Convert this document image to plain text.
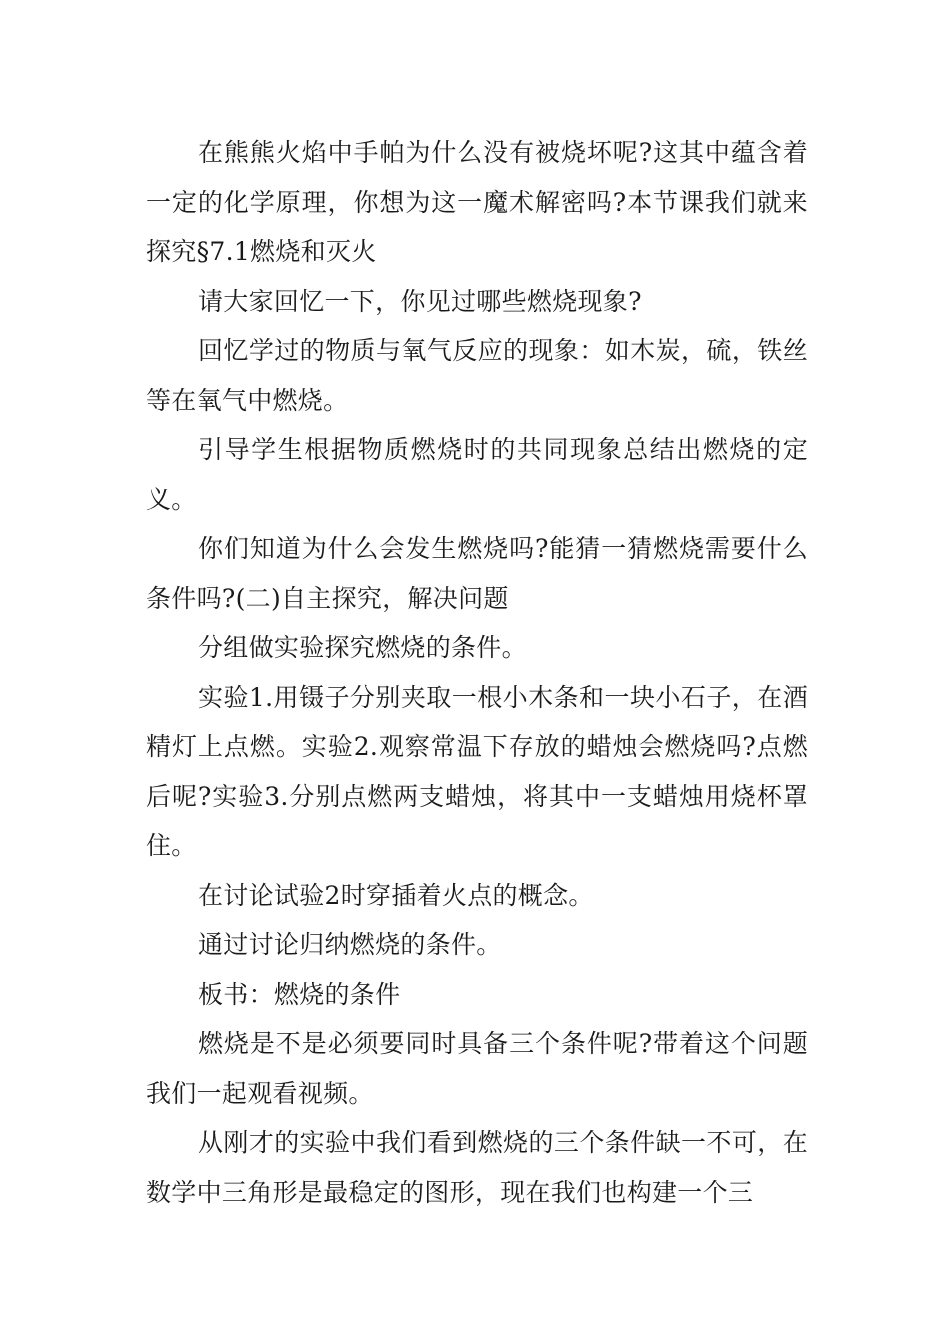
在熊熊火焰中手帕为什么没有被烧坏呢?这其中蕴含着一定的化学原理，你想为这一魔术解密吗?本节课我们就来探究§7.1燃烧和灭火

请大家回忆一下，你见过哪些燃烧现象?

回忆学过的物质与氧气反应的现象：如木炭，硫，铁丝等在氧气中燃烧。

引导学生根据物质燃烧时的共同现象总结出燃烧的定义。

你们知道为什么会发生燃烧吗?能猜一猜燃烧需要什么条件吗?(二)自主探究，解决问题

分组做实验探究燃烧的条件。

实验1.用镊子分别夹取一根小木条和一块小石子，在酒精灯上点燃。实验2.观察常温下存放的蜡烛会燃烧吗?点燃后呢?实验3.分别点燃两支蜡烛，将其中一支蜡烛用烧杯罩住。

在讨论试验2时穿插着火点的概念。

通过讨论归纳燃烧的条件。

板书：燃烧的条件

燃烧是不是必须要同时具备三个条件呢?带着这个问题我们一起观看视频。

从刚才的实验中我们看到燃烧的三个条件缺一不可，在数学中三角形是最稳定的图形，现在我们也构建一个三
